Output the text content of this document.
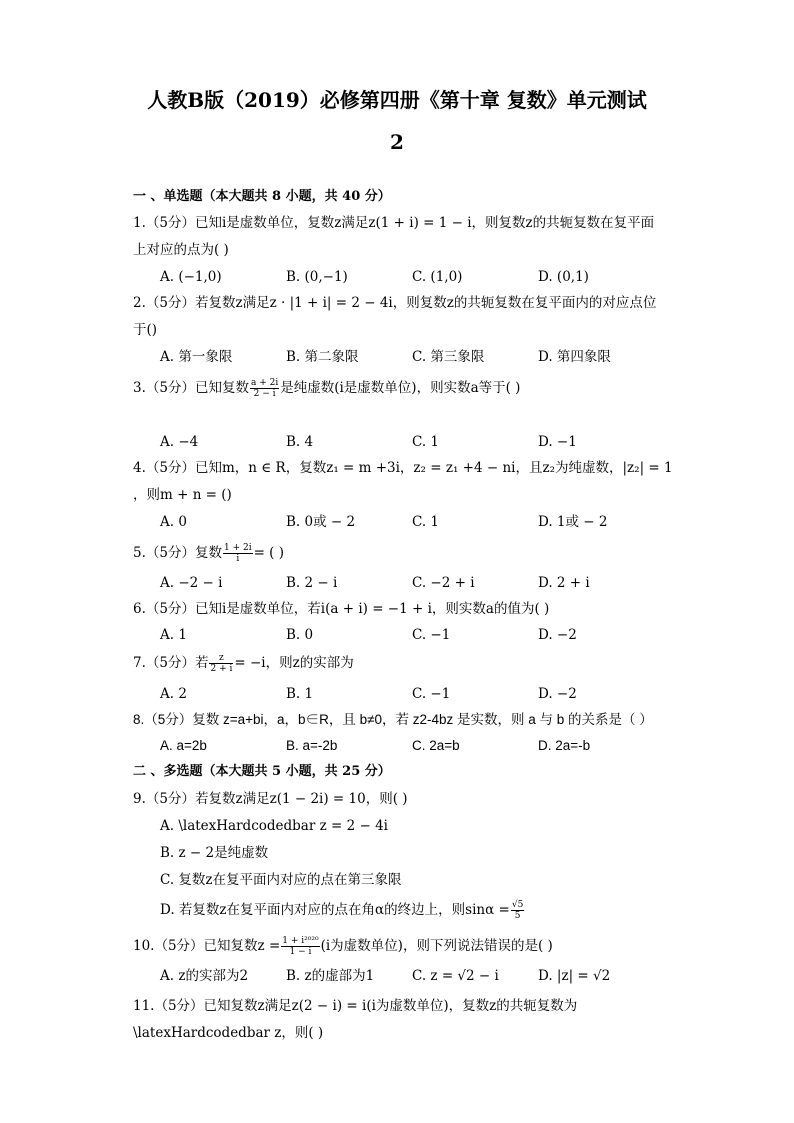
人教B版（2019）必修第四册《第十章 复数》单元测试
2
一 、单选题（本大题共 8 小题，共 40 分）
1.（5分）已知i是虚数单位，复数z满足z(1 + i) = 1 − i，则复数z的共轭复数在复平面
上对应的点为( )
A. (−1,0)	B. (0,−1)	C. (1,0)	D. (0,1)
2.（5分）若复数z满足z · |1 + i| = 2 − 4i，则复数z的共轭复数在复平面内的对应点位
于()
A. 第一象限	B. 第二象限	C. 第三象限	D. 第四象限
3.（5分）已知复数 $\frac{a + 2i}{2 - i}$ 是纯虚数(i是虚数单位)，则实数a等于( )
A. −4	B. 4	C. 1	D. −1
4.（5分）已知m，n ∈ R，复数z₁ = m +3i，z₂ = z₁ +4 − ni，且z₂为纯虚数，|z₂| = 1
，则m + n = ()
A. 0	B. 0或 − 2	C. 1	D. 1或 − 2
5.（5分）复数 $\frac{1 + 2i}{i}$ = ( )
A. −2 − i	B. 2 − i	C. −2 + i	D. 2 + i
6.（5分）已知i是虚数单位，若i(a + i) = −1 + i，则实数a的值为( )
A. 1	B. 0	C. −1	D. −2
7.（5分）若 $\frac{z}{2 + i} = -i$，则z的实部为
A. 2	B. 1	C. −1	D. −2
8.（5分）复数 z=a+bi，a，b∈R，且 b≠0，若 z2-4bz 是实数，则 a 与 b 的关系是（ ）
A. a=2b	B. a=-2b	C. 2a=b	D. 2a=-b
二 、多选题（本大题共 5 小题，共 25 分）
9.（5分）若复数z满足z(1 − 2i) = 10，则( )
A. \latexHardcodedbar z = 2 − 4i
B. z − 2是纯虚数
C. 复数z在复平面内对应的点在第三象限
D. 若复数z在复平面内对应的点在角α的终边上，则$\sin\alpha = \frac{√5}{5}$
10.（5分）已知复数$z = \frac{\text{1 + i²⁰²⁰}}{1 - i} (i$为虚数单位)，则下列说法错误的是( )
A. z的实部为2	B. z的虚部为1	C. z = √2 − i	D. |z| = √2
11.（5分）已知复数z满足z(2 − i) = i(i为虚数单位)，复数z的共轭复数为
\latexHardcodedbar z，则( )
